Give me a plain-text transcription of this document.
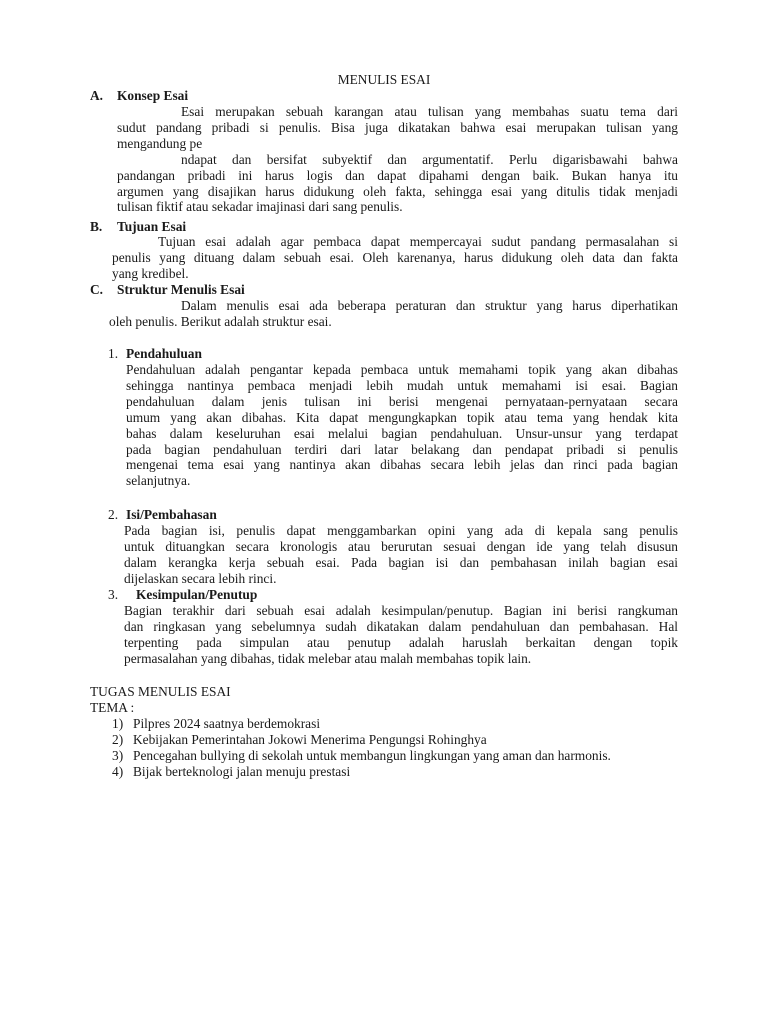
MENULIS ESAI
A. Konsep Esai
Esai merupakan sebuah karangan atau tulisan yang membahas suatu tema dari
sudut pandang pribadi si penulis. Bisa juga dikatakan bahwa esai merupakan tulisan yang
mengandung pe
ndapat dan bersifat subyektif dan argumentatif. Perlu digarisbawahi bahwa
pandangan pribadi ini harus logis dan dapat dipahami dengan baik. Bukan hanya itu
argumen yang disajikan harus didukung oleh fakta, sehingga esai yang ditulis tidak menjadi
tulisan fiktif atau sekadar imajinasi dari sang penulis.
B. Tujuan Esai
Tujuan esai adalah agar pembaca dapat mempercayai sudut pandang permasalahan si
penulis yang dituang dalam sebuah esai. Oleh karenanya, harus didukung oleh data dan fakta
yang kredibel.
C. Struktur Menulis Esai
Dalam menulis esai ada beberapa peraturan dan struktur yang harus diperhatikan
oleh penulis. Berikut adalah struktur esai.
1. Pendahuluan
Pendahuluan adalah pengantar kepada pembaca untuk memahami topik yang akan dibahas
sehingga nantinya pembaca menjadi lebih mudah untuk memahami isi esai. Bagian
pendahuluan dalam jenis tulisan ini berisi mengenai pernyataan-pernyataan secara
umum yang akan dibahas. Kita dapat mengungkapkan topik atau tema yang hendak kita
bahas dalam keseluruhan esai melalui bagian pendahuluan. Unsur-unsur yang terdapat
pada bagian pendahuluan terdiri dari latar belakang dan pendapat pribadi si penulis
mengenai tema esai yang nantinya akan dibahas secara lebih jelas dan rinci pada bagian
selanjutnya.
2. Isi/Pembahasan
Pada bagian isi, penulis dapat menggambarkan opini yang ada di kepala sang penulis
untuk dituangkan secara kronologis atau berurutan sesuai dengan ide yang telah disusun
dalam kerangka kerja sebuah esai. Pada bagian isi dan pembahasan inilah bagian esai
dijelaskan secara lebih rinci.
3. Kesimpulan/Penutup
Bagian terakhir dari sebuah esai adalah kesimpulan/penutup. Bagian ini berisi rangkuman
dan ringkasan yang sebelumnya sudah dikatakan dalam pendahuluan dan pembahasan. Hal
terpenting pada simpulan atau penutup adalah haruslah berkaitan dengan topik
permasalahan yang dibahas, tidak melebar atau malah membahas topik lain.
TUGAS MENULIS ESAI
TEMA :
1) Pilpres 2024 saatnya berdemokrasi
2) Kebijakan Pemerintahan Jokowi Menerima Pengungsi Rohinghya
3) Pencegahan bullying di sekolah untuk membangun lingkungan yang aman dan harmonis.
4) Bijak berteknologi jalan menuju prestasi
